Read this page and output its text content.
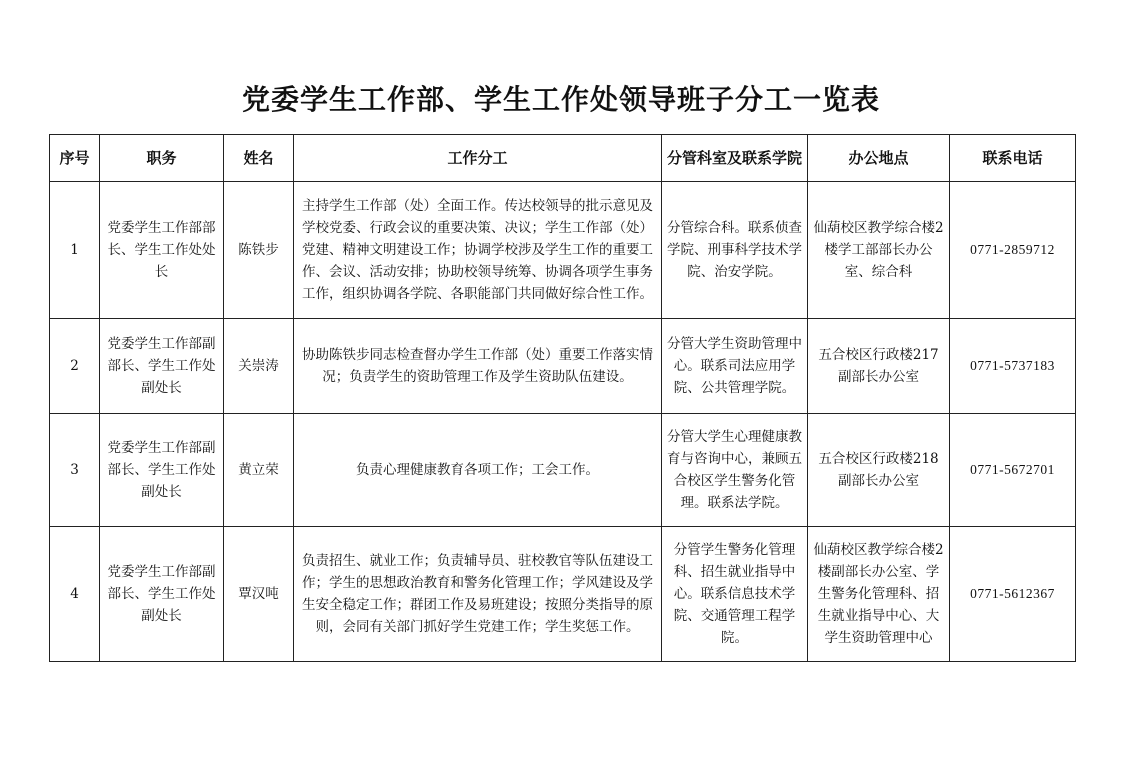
党委学生工作部、学生工作处领导班子分工一览表
序号	职务	姓名	工作分工	分管科室及联系学院	办公地点	联系电话
1	党委学生工作部部长、学生工作处处长	陈铁步	主持学生工作部（处）全面工作。传达校领导的批示意见及学校党委、行政会议的重要决策、决议；学生工作部（处）党建、精神文明建设工作；协调学校涉及学生工作的重要工作、会议、活动安排；协助校领导统筹、协调各项学生事务工作，组织协调各学院、各职能部门共同做好综合性工作。	分管综合科。联系侦查学院、刑事科学技术学院、治安学院。	仙葫校区教学综合楼2楼学工部部长办公室、综合科	0771-2859712
2	党委学生工作部副部长、学生工作处副处长	关崇涛	协助陈铁步同志检查督办学生工作部（处）重要工作落实情况；负责学生的资助管理工作及学生资助队伍建设。	分管大学生资助管理中心。联系司法应用学院、公共管理学院。	五合校区行政楼217副部长办公室	0771-5737183
3	党委学生工作部副部长、学生工作处副处长	黄立荣	负责心理健康教育各项工作；工会工作。	分管大学生心理健康教育与咨询中心，兼顾五合校区学生警务化管理。联系法学院。	五合校区行政楼218副部长办公室	0771-5672701
4	党委学生工作部副部长、学生工作处副处长	覃汉吨	负责招生、就业工作；负责辅导员、驻校教官等队伍建设工作；学生的思想政治教育和警务化管理工作；学风建设及学生安全稳定工作；群团工作及易班建设；按照分类指导的原则，会同有关部门抓好学生党建工作；学生奖惩工作。	分管学生警务化管理科、招生就业指导中心。联系信息技术学院、交通管理工程学院。	仙葫校区教学综合楼2楼副部长办公室、学生警务化管理科、招生就业指导中心、大学生资助管理中心	0771-5612367
